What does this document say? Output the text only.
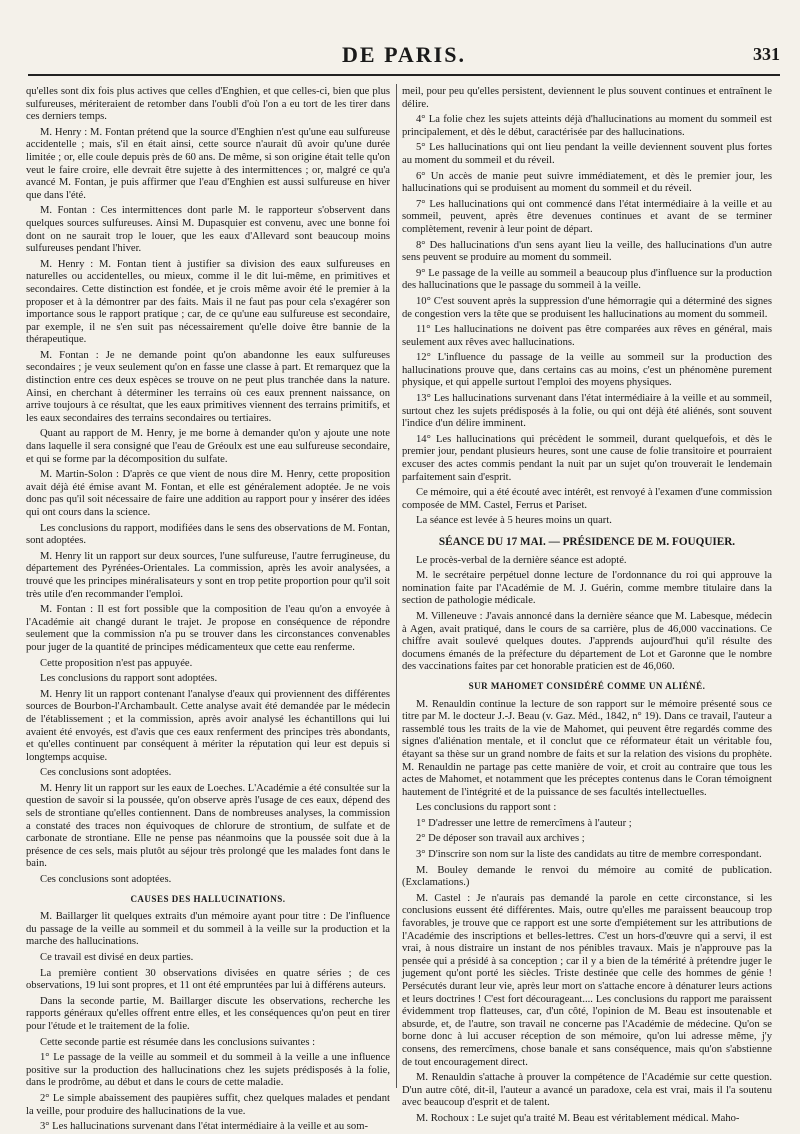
DE PARIS.	331

qu'elles sont dix fois plus actives que celles d'Enghien, et que celles-ci, bien que plus sulfureuses, mériteraient de retomber dans l'oubli d'où l'on a eu tort de les tirer dans ces derniers temps.

M. Henry : M. Fontan prétend que la source d'Enghien n'est qu'une eau sulfureuse accidentelle ; mais, s'il en était ainsi, cette source n'aurait dû avoir qu'une durée limitée ; or, elle coule depuis près de 60 ans. De même, si son origine était telle qu'on veut le faire croire, elle devrait être sujette à des intermittences ; or, malgré ce qu'a avancé M. Fontan, je puis affirmer que l'eau d'Enghien est aussi sulfureuse en hiver que dans l'été.

M. Fontan : Ces intermittences dont parle M. le rapporteur s'observent dans quelques sources sulfureuses. Ainsi M. Dupasquier est convenu, avec une bonne foi dont on ne saurait trop le louer, que les eaux d'Allevard sont beaucoup moins sulfureuses pendant l'hiver.

M. Henry : M. Fontan tient à justifier sa division des eaux sulfureuses en naturelles ou accidentelles, ou mieux, comme il le dit lui-même, en primitives et secondaires. Cette distinction est fondée, et je crois même avoir été le premier à la proposer et à la démontrer par des faits. Mais il ne faut pas pour cela s'exagérer son importance sous le rapport pratique ; car, de ce qu'une eau sulfureuse est secondaire, par exemple, il ne s'en suit pas nécessairement qu'elle doive être bannie de la thérapeutique.

M. Fontan : Je ne demande point qu'on abandonne les eaux sulfureuses secondaires ; je veux seulement qu'on en fasse une classe à part. Et remarquez que la distinction entre ces deux espèces se trouve on ne peut plus tranchée dans la nature. Ainsi, en cherchant à déterminer les terrains où ces eaux prennent naissance, on arrive toujours à ce résultat, que les eaux primitives viennent des terrains primitifs, et les eaux secondaires des terrains secondaires ou tertiaires.

Quant au rapport de M. Henry, je me borne à demander qu'on y ajoute une note dans laquelle il sera consigné que l'eau de Gréoulx est une eau sulfureuse secondaire, et qui se forme par la décomposition du sulfate.

M. Martin-Solon : D'après ce que vient de nous dire M. Henry, cette proposition avait déjà été émise avant M. Fontan, et elle est généralement adoptée. Je ne vois donc pas qu'il soit nécessaire de faire une addition au rapport pour y insérer des idées qui ont cours dans la science.

Les conclusions du rapport, modifiées dans le sens des observations de M. Fontan, sont adoptées.

M. Henry lit un rapport sur deux sources, l'une sulfureuse, l'autre ferrugineuse, du département des Pyrénées-Orientales. La commission, après les avoir analysées, a trouvé que les principes minéralisateurs y sont en trop petite proportion pour qu'il soit très utile d'en recommander l'emploi.

M. Fontan : Il est fort possible que la composition de l'eau qu'on a envoyée à l'Académie ait changé durant le trajet. Je propose en conséquence de répondre seulement que la commission n'a pu se trouver dans les circonstances convenables pour juger de la quantité de principes médicamenteux que cette eau renferme.

Cette proposition n'est pas appuyée.

Les conclusions du rapport sont adoptées.

M. Henry lit un rapport contenant l'analyse d'eaux qui proviennent des différentes sources de Bourbon-l'Archambault. Cette analyse avait été demandée par le médecin de l'établissement ; et la commission, après avoir analysé les échantillons qui lui avaient été envoyés, est d'avis que ces eaux renferment des principes très abondants, et qu'elles continuent par conséquent à mériter la réputation qui leur est depuis si longtemps acquise.

Ces conclusions sont adoptées.

M. Henry lit un rapport sur les eaux de Loeches. L'Académie a été consultée sur la question de savoir si la poussée, qu'on observe après l'usage de ces eaux, dépend des sels de strontiane qu'elles contiennent. Dans de nombreuses analyses, la commission a constaté des traces non équivoques de chlorure de strontium, de sulfate et de carbonate de strontiane. Elle ne pense pas néanmoins que la poussée soit due à la présence de ces sels, mais plutôt au séjour très prolongé que les malades font dans le bain.

Ces conclusions sont adoptées.

CAUSES DES HALLUCINATIONS.

M. Baillarger lit quelques extraits d'un mémoire ayant pour titre : De l'influence du passage de la veille au sommeil et du sommeil à la veille sur la production et la marche des hallucinations.

Ce travail est divisé en deux parties.

La première contient 30 observations divisées en quatre séries ; de ces observations, 19 lui sont propres, et 11 ont été empruntées par lui à différens auteurs.

Dans la seconde partie, M. Baillarger discute les observations, recherche les rapports généraux qu'elles offrent entre elles, et les conséquences qu'on peut en tirer pour l'étude et le traitement de la folie.

Cette seconde partie est résumée dans les conclusions suivantes :

1° Le passage de la veille au sommeil et du sommeil à la veille a une influence positive sur la production des hallucinations chez les sujets prédisposés à la folie, dans le prodrôme, au début et dans le cours de cette maladie.

2° Le simple abaissement des paupières suffit, chez quelques malades et pendant la veille, pour produire des hallucinations de la vue.

3° Les hallucinations survenant dans l'état intermédiaire à la veille et au som-

meil, pour peu qu'elles persistent, deviennent le plus souvent continues et entraînent le délire.

4° La folie chez les sujets atteints déjà d'hallucinations au moment du sommeil est principalement, et dès le début, caractérisée par des hallucinations.

5° Les hallucinations qui ont lieu pendant la veille deviennent souvent plus fortes au moment du sommeil et du réveil.

6° Un accès de manie peut suivre immédiatement, et dès le premier jour, les hallucinations qui se produisent au moment du sommeil et du réveil.

7° Les hallucinations qui ont commencé dans l'état intermédiaire à la veille et au sommeil, peuvent, après être devenues continues et avant de se terminer complètement, revenir à leur point de départ.

8° Des hallucinations d'un sens ayant lieu la veille, des hallucinations d'un autre sens peuvent se produire au moment du sommeil.

9° Le passage de la veille au sommeil a beaucoup plus d'influence sur la production des hallucinations que le passage du sommeil à la veille.

10° C'est souvent après la suppression d'une hémorragie qui a déterminé des signes de congestion vers la tête que se produisent les hallucinations au moment du sommeil.

11° Les hallucinations ne doivent pas être comparées aux rêves en général, mais seulement aux rêves avec hallucinations.

12° L'influence du passage de la veille au sommeil sur la production des hallucinations prouve que, dans certains cas au moins, c'est un phénomène purement physique, et qui appelle surtout l'emploi des moyens physiques.

13° Les hallucinations survenant dans l'état intermédiaire à la veille et au sommeil, surtout chez les sujets prédisposés à la folie, ou qui ont déjà été aliénés, sont souvent l'indice d'un délire imminent.

14° Les hallucinations qui précèdent le sommeil, durant quelquefois, et dès le premier jour, pendant plusieurs heures, sont une cause de folie transitoire et pourraient excuser des actes commis pendant la nuit par un sujet qu'on trouverait le lendemain parfaitement sain d'esprit.

Ce mémoire, qui a été écouté avec intérêt, est renvoyé à l'examen d'une commission composée de MM. Castel, Ferrus et Pariset.

La séance est levée à 5 heures moins un quart.

SÉANCE DU 17 MAI. — PRÉSIDENCE DE M. FOUQUIER.

Le procès-verbal de la dernière séance est adopté.

M. le secrétaire perpétuel donne lecture de l'ordonnance du roi qui approuve la nomination faite par l'Académie de M. J. Guérin, comme membre titulaire dans la section de pathologie médicale.

M. Villeneuve : J'avais annoncé dans la dernière séance que M. Labesque, médecin à Agen, avait pratiqué, dans le cours de sa carrière, plus de 46,000 vaccinations. Ce chiffre avait soulevé quelques doutes. J'apprends aujourd'hui qu'il résulte des documens émanés de la préfecture du département de Lot et Garonne que le nombre des vaccinations faites par cet honorable praticien est de 46,060.

SUR MAHOMET CONSIDÉRÉ COMME UN ALIÉNÉ.

M. Renauldin continue la lecture de son rapport sur le mémoire présenté sous ce titre par M. le docteur J.-J. Beau (v. Gaz. Méd., 1842, n° 19). Dans ce travail, l'auteur a rassemblé tous les traits de la vie de Mahomet, qui peuvent être regardés comme des signes d'aliénation mentale, et il conclut que ce réformateur était un véritable fou, étayant sa thèse sur un grand nombre de faits et sur la relation des visions du prophète. M. Renauldin ne partage pas cette manière de voir, et croit au contraire que tous les actes de Mahomet, et notamment que les préceptes contenus dans le Coran témoignent hautement de l'intégrité et de la puissance de ses facultés intellectuelles.

Les conclusions du rapport sont :

1° D'adresser une lettre de remercîmens à l'auteur ;

2° De déposer son travail aux archives ;

3° D'inscrire son nom sur la liste des candidats au titre de membre correspondant.

M. Bouley demande le renvoi du mémoire au comité de publication. (Exclamations.)

M. Castel : Je n'aurais pas demandé la parole en cette circonstance, si les conclusions eussent été différentes. Mais, outre qu'elles me paraissent beaucoup trop favorables, je trouve que ce rapport est une sorte d'empiétement sur les attributions de l'Académie des inscriptions et belles-lettres. C'est un hors-d'œuvre qui a servi, il est vrai, à nous distraire un instant de nos pénibles travaux. Mais je n'approuve pas la pensée qui a présidé à sa conception ; car il y a bien de la témérité à prétendre juger le jugement qu'ont porté les siècles. Triste destinée que celle des hommes de génie ! Persécutés durant leur vie, après leur mort on s'attache encore à dénaturer leurs actions et leurs doctrines ! C'est fort décourageant.... Les conclusions du rapport me paraissent évidemment trop flatteuses, car, d'un côté, l'opinion de M. Beau est insoutenable et absurde, et, de l'autre, son travail ne concerne pas l'Académie de médecine. Qu'on se borne donc à lui accuser réception de son mémoire, qu'on lui adresse même, j'y consens, des remercîmens, chose banale et sans conséquence, mais qu'on s'abstienne de tout encouragement direct.

M. Renauldin s'attache à prouver la compétence de l'Académie sur cette question. D'un autre côté, dit-il, l'auteur a avancé un paradoxe, cela est vrai, mais il l'a soutenu avec beaucoup d'esprit et de talent.

M. Rochoux : Le sujet qu'a traité M. Beau est véritablement médical. Maho-
